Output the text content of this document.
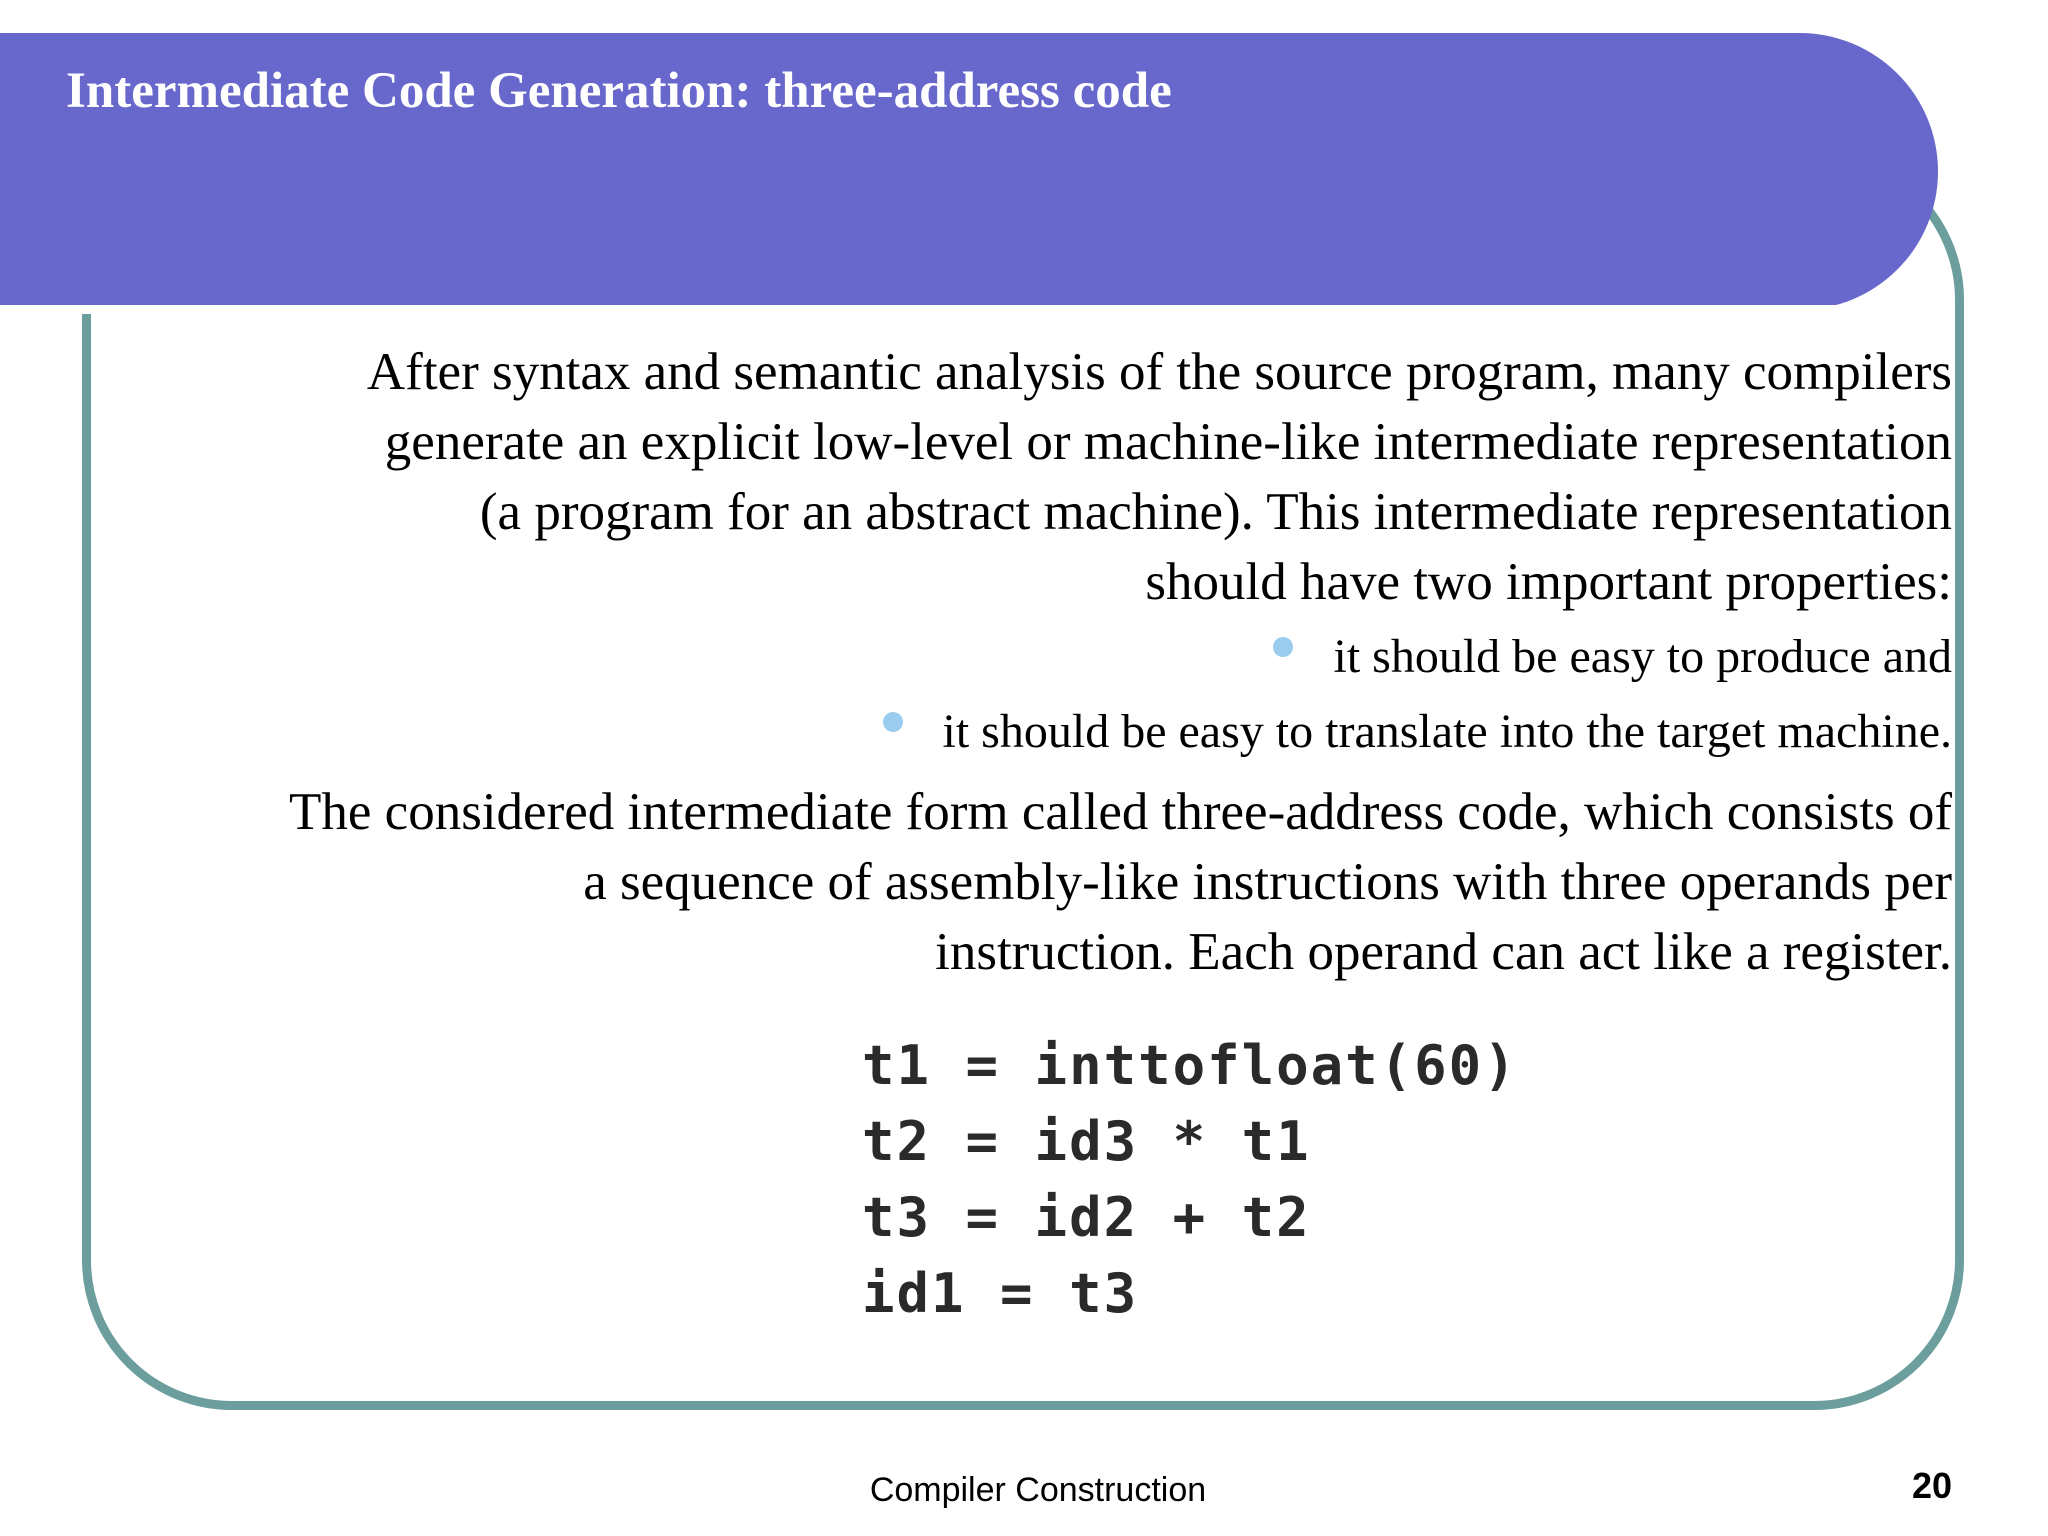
Intermediate Code Generation: three-address code
After syntax and semantic analysis of the source program, many compilers
generate an explicit low-level or machine-like intermediate representation
(a program for an abstract machine). This intermediate representation
should have two important properties:
it should be easy to produce and
it should be easy to translate into the target machine.
The considered intermediate form called three-address code, which consists of
a sequence of assembly-like instructions with three operands per
instruction. Each operand can act like a register.
t1 = inttofloat(60)
t2 = id3 * t1
t3 = id2 + t2
id1 = t3

Compiler Construction	20
